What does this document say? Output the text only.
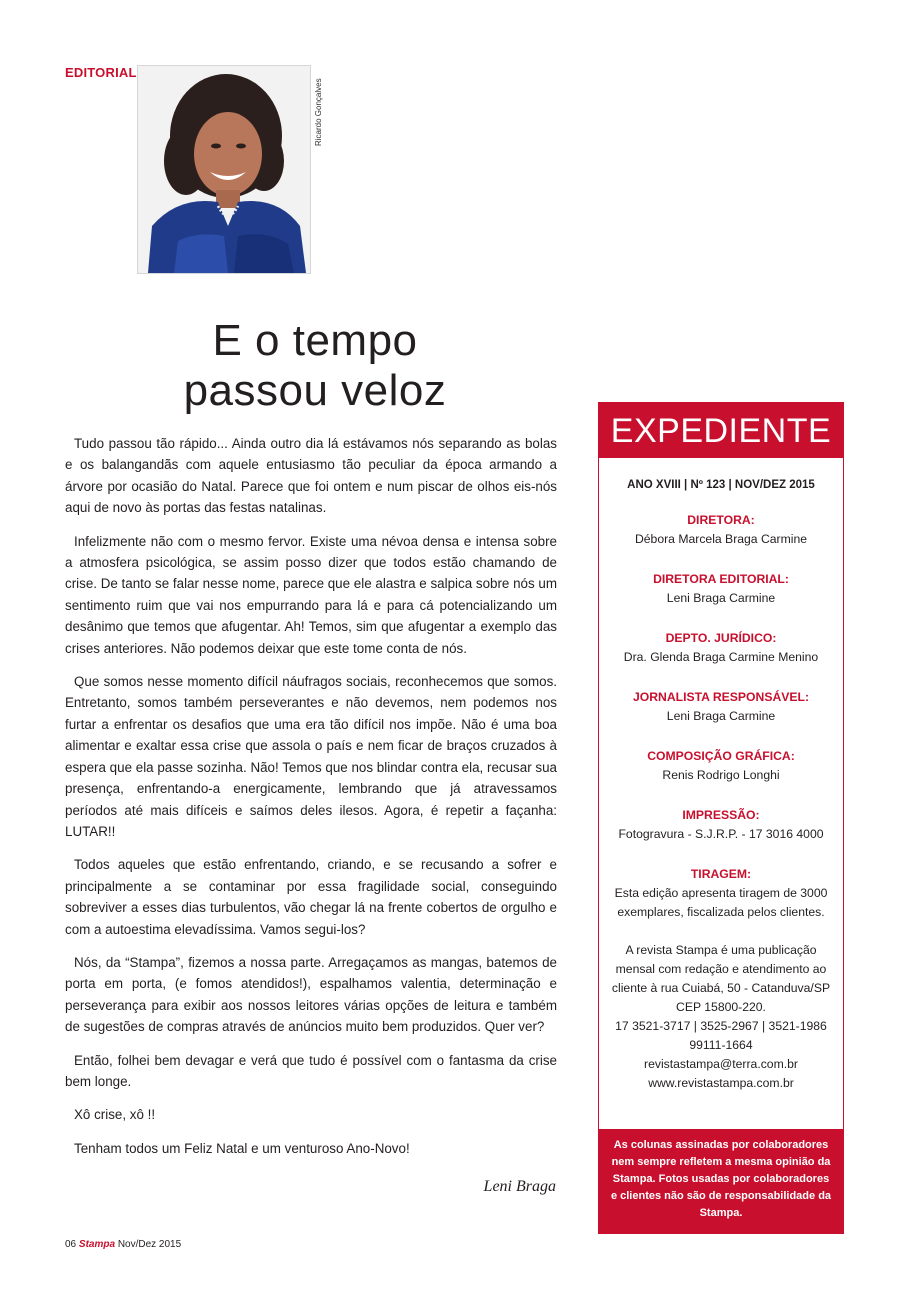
EDITORIAL
Ricardo Gonçalves
E o tempo
passou veloz

Tudo passou tão rápido... Ainda outro dia lá estávamos nós separando as bolas e os balangandãs com aquele entusiasmo tão peculiar da época armando a árvore por ocasião do Natal. Parece que foi ontem e num piscar de olhos eis-nós aqui de novo às portas das festas natalinas.

Infelizmente não com o mesmo fervor. Existe uma névoa densa e intensa sobre a atmosfera psicológica, se assim posso dizer que todos estão chamando de crise. De tanto se falar nesse nome, parece que ele alastra e salpica sobre nós um sentimento ruim que vai nos empurrando para lá e para cá potencializando um desânimo que temos que afugentar. Ah! Temos, sim que afugentar a exemplo das crises anteriores. Não podemos deixar que este tome conta de nós.

Que somos nesse momento difícil náufragos sociais, reconhecemos que somos. Entretanto, somos também perseverantes e não devemos, nem podemos nos furtar a enfrentar os desafios que uma era tão difícil nos impõe. Não é uma boa alimentar e exaltar essa crise que assola o país e nem ficar de braços cruzados à espera que ela passe sozinha. Não! Temos que nos blindar contra ela, recusar sua presença, enfrentando-a energicamente, lembrando que já atravessamos períodos até mais difíceis e saímos deles ilesos. Agora, é repetir a façanha: LUTAR!!

Todos aqueles que estão enfrentando, criando, e se recusando a sofrer e principalmente a se contaminar por essa fragilidade social, conseguindo sobreviver a esses dias turbulentos, vão chegar lá na frente cobertos de orgulho e com a autoestima elevadíssima. Vamos segui-los?

Nós, da “Stampa”, fizemos a nossa parte. Arregaçamos as mangas, batemos de porta em porta, (e fomos atendidos!), espalhamos valentia, determinação e perseverança para exibir aos nossos leitores várias opções de leitura e também de sugestões de compras através de anúncios muito bem produzidos. Quer ver?

Então, folhei bem devagar e verá que tudo é possível com o fantasma da crise bem longe.

Xô crise, xô !!

Tenham todos um Feliz Natal e um venturoso Ano-Novo!

Leni Braga
06 Stampa Nov/Dez 2015
EXPEDIENTE
ANO XVIII | Nº 123 | NOV/DEZ 2015
DIRETORA:
Débora Marcela Braga Carmine
DIRETORA EDITORIAL:
Leni Braga Carmine
DEPTO. JURÍDICO:
Dra. Glenda Braga Carmine Menino
JORNALISTA RESPONSÁVEL:
Leni Braga Carmine
COMPOSIÇÃO GRÁFICA:
Renis Rodrigo Longhi
IMPRESSÃO:
Fotogravura - S.J.R.P. - 17 3016 4000
TIRAGEM:
Esta edição apresenta tiragem de 3000 exemplares, fiscalizada pelos clientes.
A revista Stampa é uma publicação mensal com redação e atendimento ao cliente à rua Cuiabá, 50 - Catanduva/SP CEP 15800-220.
17 3521-3717 | 3525-2967 | 3521-1986
99111-1664
revistastampa@terra.com.br
www.revistastampa.com.br
As colunas assinadas por colaboradores nem sempre refletem a mesma opinião da Stampa. Fotos usadas por colaboradores e clientes não são de responsabilidade da Stampa.
